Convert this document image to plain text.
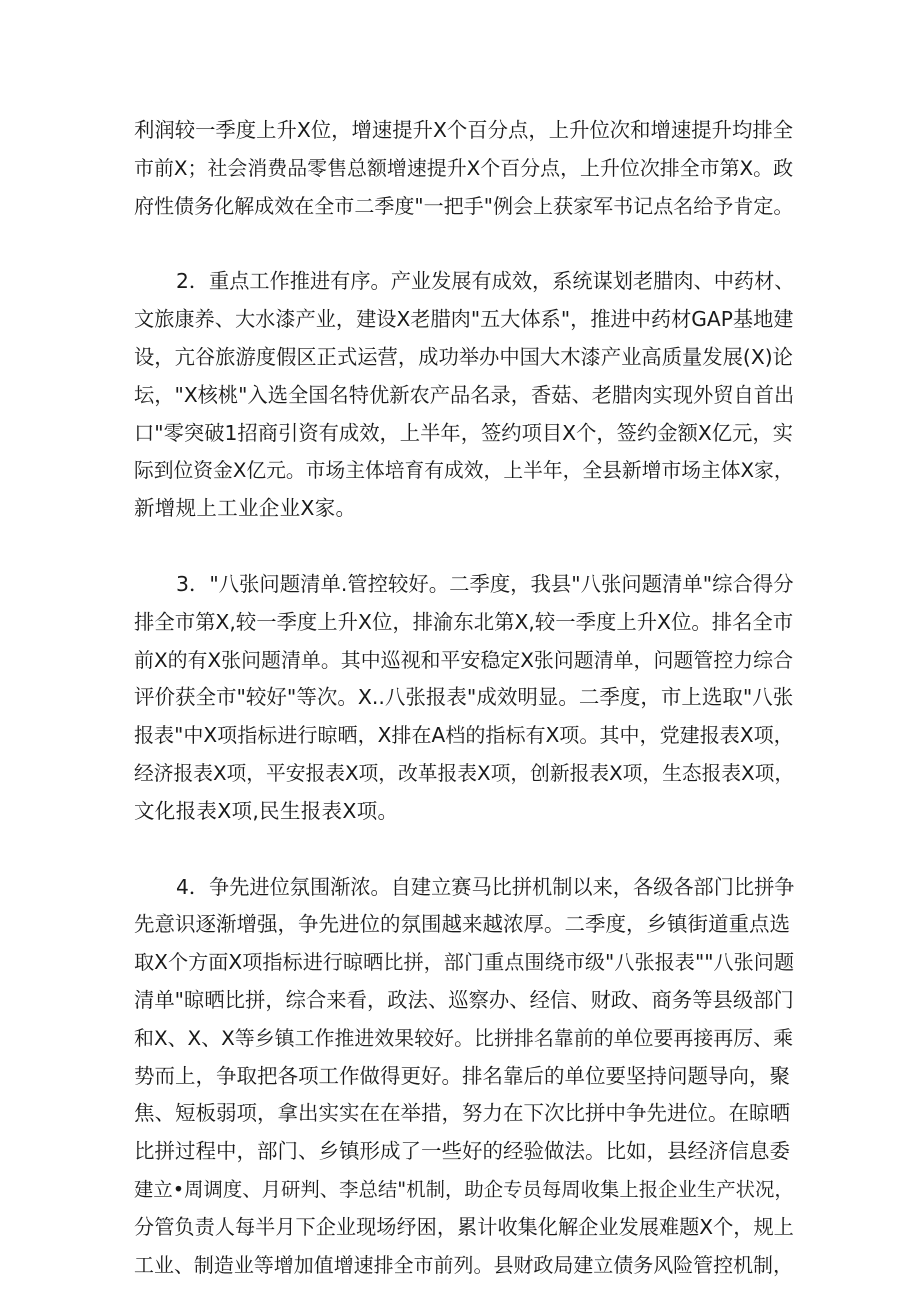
利润较一季度上升X位，增速提升X个百分点，上升位次和增速提升均排全
市前X；社会消费品零售总额增速提升X个百分点，上升位次排全市第X。政
府性债务化解成效在全市二季度"一把手"例会上获家军书记点名给予肯定。

2．重点工作推进有序。产业发展有成效，系统谋划老腊肉、中药材、
文旅康养、大水漆产业，建设X老腊肉"五大体系"，推进中药材GAP基地建
设，亢谷旅游度假区正式运营，成功举办中国大木漆产业高质量发展(X)论
坛，"X核桃"入选全国名特优新农产品名录，香菇、老腊肉实现外贸自首出
口"零突破1招商引资有成效，上半年，签约项目X个，签约金额X亿元，实
际到位资金X亿元。市场主体培育有成效，上半年，全县新增市场主体X家，
新增规上工业企业X家。

3．"八张问题清单.管控较好。二季度，我县"八张问题清单"综合得分
排全市第X,较一季度上升X位，排渝东北第X,较一季度上升X位。排名全市
前X的有X张问题清单。其中巡视和平安稳定X张问题清单，问题管控力综合
评价获全市"较好"等次。X..八张报表"成效明显。二季度，市上选取"八张
报表"中X项指标进行晾晒，X排在A档的指标有X项。其中，党建报表X项，
经济报表X项，平安报表X项，改革报表X项，创新报表X项，生态报表X项，
文化报表X项,民生报表X项。

4．争先进位氛围渐浓。自建立赛马比拼机制以来，各级各部门比拼争
先意识逐渐增强，争先进位的氛围越来越浓厚。二季度，乡镇街道重点选
取X个方面X项指标进行晾晒比拼，部门重点围绕市级"八张报表""八张问题
清单"晾晒比拼，综合来看，政法、巡察办、经信、财政、商务等县级部门
和X、X、X等乡镇工作推进效果较好。比拼排名靠前的单位要再接再厉、乘
势而上，争取把各项工作做得更好。排名靠后的单位要坚持问题导向，聚
焦、短板弱项，拿出实实在在举措，努力在下次比拼中争先进位。在晾晒
比拼过程中，部门、乡镇形成了一些好的经验做法。比如，县经济信息委
建立•周调度、月研判、李总结"机制，助企专员每周收集上报企业生产状况，
分管负责人每半月下企业现场纾困，累计收集化解企业发展难题X个，规上
工业、制造业等增加值增速排全市前列。县财政局建立债务风险管控机制，
